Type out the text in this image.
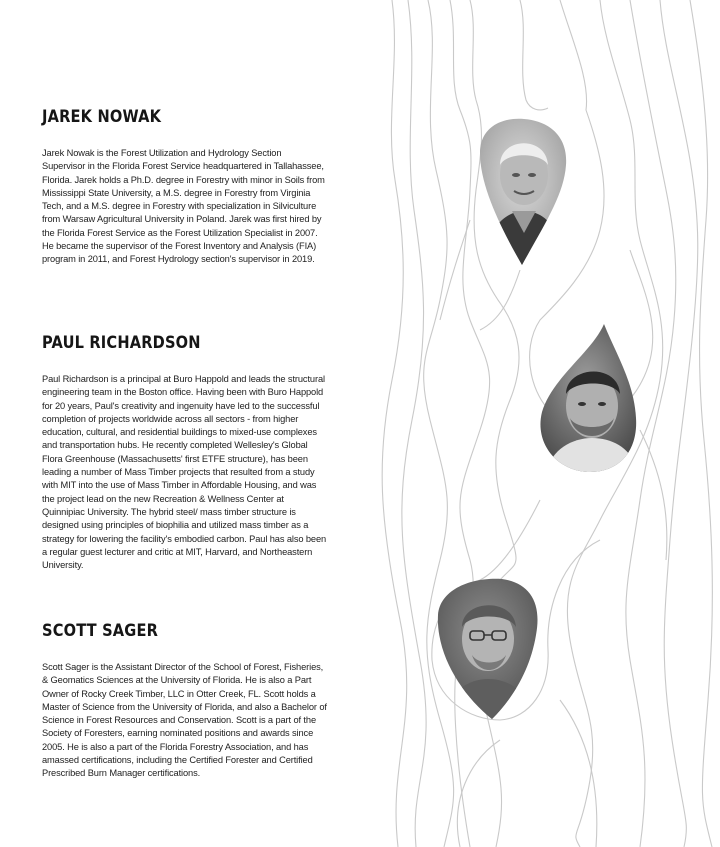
JAREK NOWAK

Jarek Nowak is the Forest Utilization and Hydrology Section Supervisor in the Florida Forest Service headquartered in Tallahassee, Florida. Jarek holds a Ph.D. degree in Forestry with minor in Soils from Mississippi State University, a M.S. degree in Forestry from Virginia Tech, and a M.S. degree in Forestry with specialization in Silviculture from Warsaw Agricultural University in Poland. Jarek was first hired by the Florida Forest Service as the Forest Utilization Specialist in 2007. He became the supervisor of the Forest Inventory and Analysis (FIA) program in 2011, and Forest Hydrology section's supervisor in 2019.

PAUL RICHARDSON

Paul Richardson is a principal at Buro Happold and leads the structural engineering team in the Boston office. Having been with Buro Happold for 20 years, Paul's creativity and ingenuity have led to the successful completion of projects worldwide across all sectors - from higher education, cultural, and residential buildings to mixed-use complexes and transportation hubs. He recently completed Wellesley's Global Flora Greenhouse (Massachusetts' first ETFE structure), has been leading a number of Mass Timber projects that resulted from a study with MIT into the use of Mass Timber in Affordable Housing, and was the project lead on the new Recreation & Wellness Center at Quinnipiac University. The hybrid steel/ mass timber structure is designed using principles of biophilia and utilized mass timber as a strategy for lowering the facility's embodied carbon. Paul has also been a regular guest lecturer and critic at MIT, Harvard, and Northeastern University.

SCOTT SAGER

Scott Sager is the Assistant Director of the School of Forest, Fisheries, & Geomatics Sciences at the University of Florida. He is also a Part Owner of Rocky Creek Timber, LLC in Otter Creek, FL. Scott holds a Master of Science from the University of Florida, and also a Bachelor of Science in Forest Resources and Conservation. Scott is a part of the Society of Foresters, earning nominated positions and awards since 2005. He is also a part of the Florida Forestry Association, and has amassed certifications, including the Certified Forester and Certified Prescribed Burn Manager certifications.
